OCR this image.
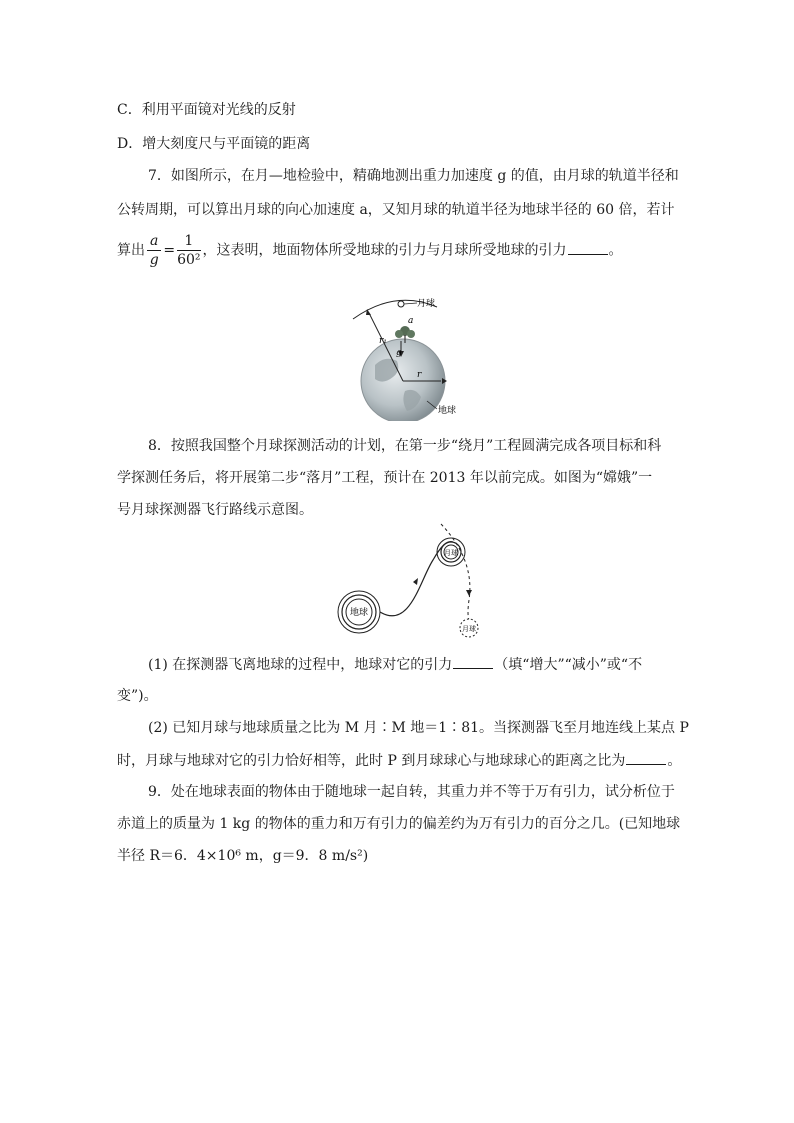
C．利用平面镜对光线的反射
D．增大刻度尺与平面镜的距离
7．如图所示，在月—地检验中，精确地测出重力加速度 g 的值，由月球的轨道半径和
公转周期，可以算出月球的向心加速度 a，又知月球的轨道半径为地球半径的 60 倍，若计
算出 $\frac{a}{g} = \frac{1}{\text{60²}}$ ，这表明，地面物体所受地球的引力与月球所受地球的引力	。
月球
a
g
r₁
r
地球
8．按照我国整个月球探测活动的计划，在第一步“绕月”工程圆满完成各项目标和科
学探测任务后，将开展第二步“落月”工程，预计在 2013 年以前完成。如图为“嫦娥”一
号月球探测器飞行路线示意图。
地球
月球
月球
(1) 在探测器飞离地球的过程中，地球对它的引力	（填“增大”“减小”或“不
变”)。
(2) 已知月球与地球质量之比为 M 月∶M 地＝1∶81。当探测器飞至月地连线上某点 P
时，月球与地球对它的引力恰好相等，此时 P 到月球球心与地球球心的距离之比为	。
9．处在地球表面的物体由于随地球一起自转，其重力并不等于万有引力，试分析位于
赤道上的质量为 1 kg 的物体的重力和万有引力的偏差约为万有引力的百分之几。(已知地球
半径 R＝6．4×10⁶ m，g＝9．8 m/s²)
